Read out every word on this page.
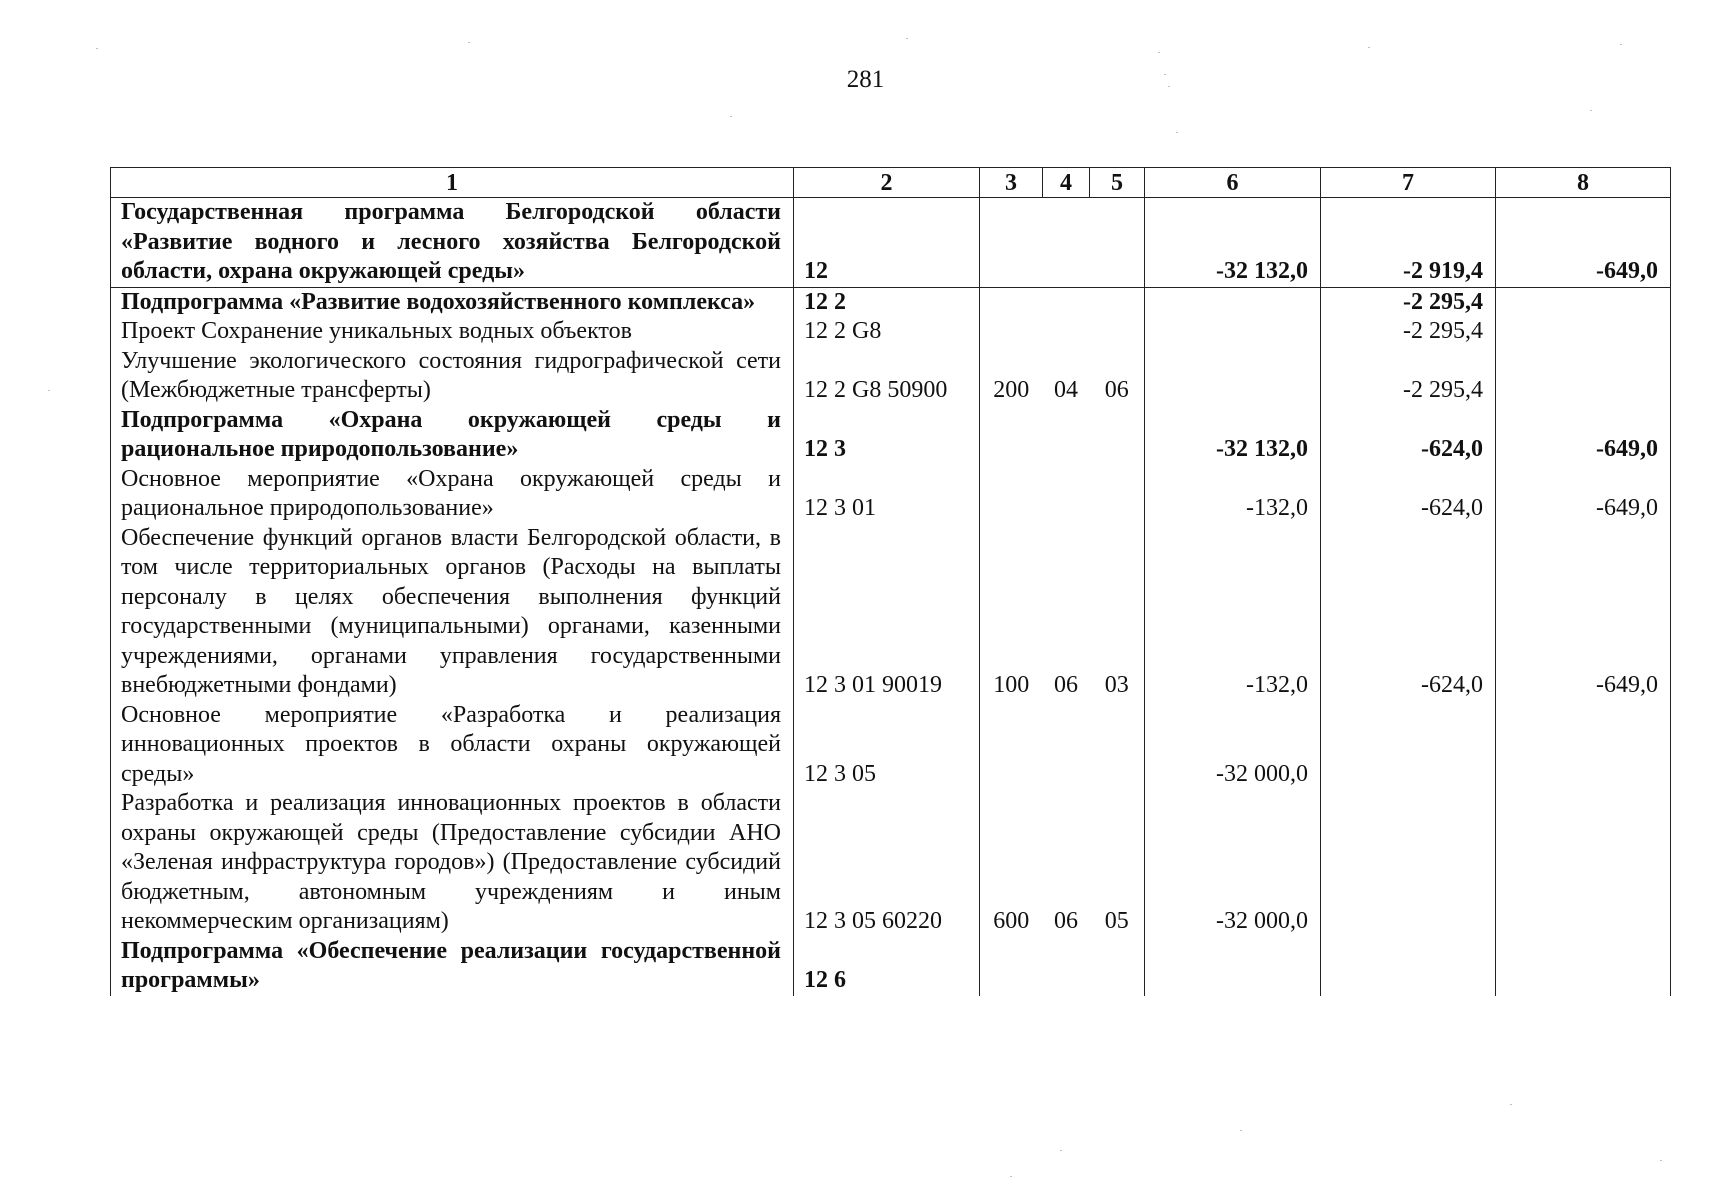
281
1	2	3	4	5	6	7	8
Государственная программа Белгородской области «Развитие водного и лесного хозяйства Белгородской области, охрана окружающей среды»	12				-32 132,0	-2 919,4	-649,0
Подпрограмма «Развитие водохозяйственного комплекса»	12 2					-2 295,4	
Проект Сохранение уникальных водных объектов	12 2 G8					-2 295,4	
Улучшение экологического состояния гидрографической сети (Межбюджетные трансферты)	12 2 G8 50900	200	04	06		-2 295,4	
Подпрограмма «Охрана окружающей среды и рациональное природопользование»	12 3				-32 132,0	-624,0	-649,0
Основное мероприятие «Охрана окружающей среды и рациональное природопользование»	12 3 01				-132,0	-624,0	-649,0
Обеспечение функций органов власти Белгородской области, в том числе территориальных органов (Расходы на выплаты персоналу в целях обеспечения выполнения функций государственными (муниципальными) органами, казенными учреждениями, органами управления государственными внебюджетными фондами)	12 3 01 90019	100	06	03	-132,0	-624,0	-649,0
Основное мероприятие «Разработка и реализация инновационных проектов в области охраны окружающей среды»	12 3 05				-32 000,0		
Разработка и реализация инновационных проектов в области охраны окружающей среды (Предоставление субсидии АНО «Зеленая инфраструктура городов») (Предоставление субсидий бюджетным, автономным учреждениям и иным некоммерческим организациям)	12 3 05 60220	600	06	05	-32 000,0		
Подпрограмма «Обеспечение реализации государственной программы»	12 6						
